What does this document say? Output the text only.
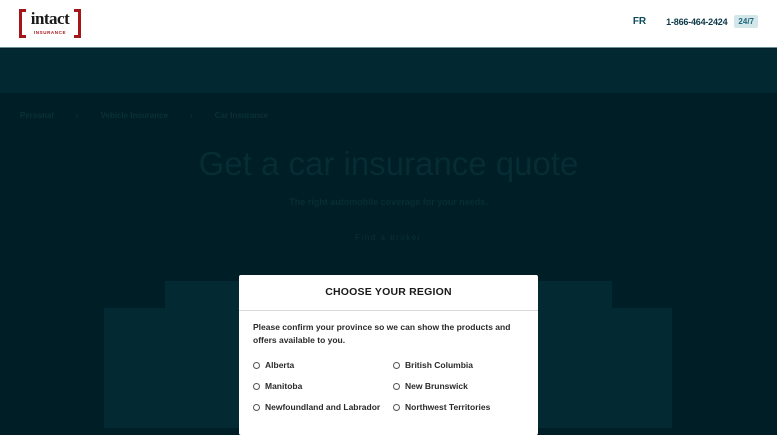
intact
INSURANCE
FR 1-866-464-2424	24/7
Personal	›	Vehicle Insurance	›	Car Insurance
Get a car insurance quote
The right automobile coverage for your needs.
Find a broker
CHOOSE YOUR REGION
Please confirm your province so we can show the products and offers available to you.
Alberta	British Columbia
Manitoba	New Brunswick
Newfoundland and Labrador	Northwest Territories
